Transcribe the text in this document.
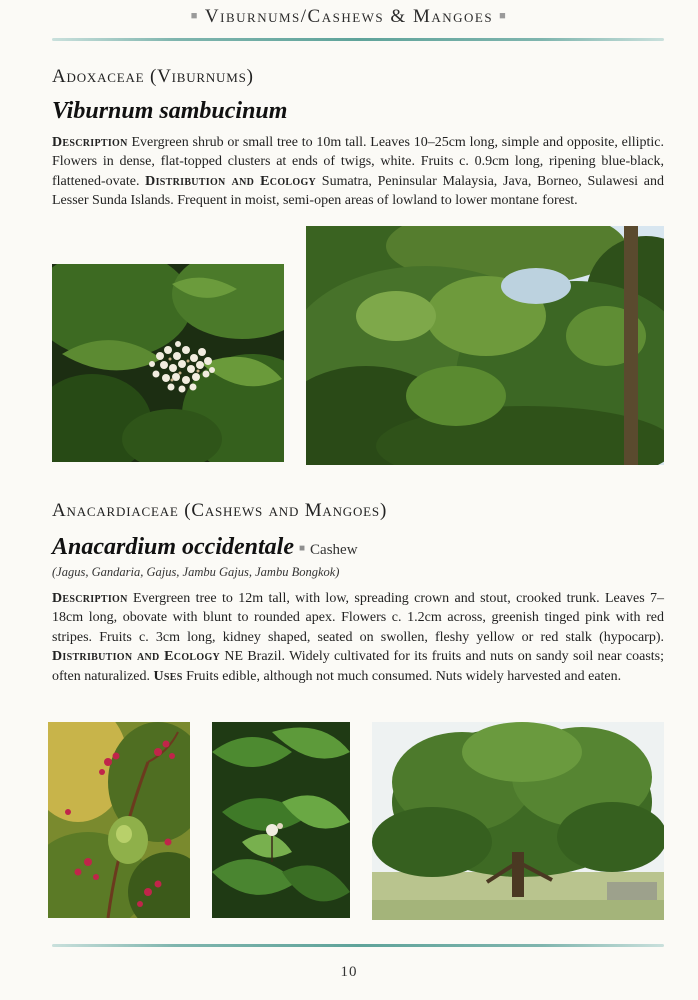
■ Viburnums/Cashews & Mangoes ■
Adoxaceae (Viburnums)
Viburnum sambucinum
Description Evergreen shrub or small tree to 10m tall. Leaves 10–25cm long, simple and opposite, elliptic. Flowers in dense, flat-topped clusters at ends of twigs, white. Fruits c. 0.9cm long, ripening blue-black, flattened-ovate. Distribution and Ecology Sumatra, Peninsular Malaysia, Java, Borneo, Sulawesi and Lesser Sunda Islands. Frequent in moist, semi-open areas of lowland to lower montane forest.
Anacardiaceae (Cashews and Mangoes)
Anacardium occidentale ■ Cashew
(Jagus, Gandaria, Gajus, Jambu Gajus, Jambu Bongkok)
Description Evergreen tree to 12m tall, with low, spreading crown and stout, crooked trunk. Leaves 7–18cm long, obovate with blunt to rounded apex. Flowers c. 1.2cm across, greenish tinged pink with red stripes. Fruits c. 3cm long, kidney shaped, seated on swollen, fleshy yellow or red stalk (hypocarp). Distribution and Ecology NE Brazil. Widely cultivated for its fruits and nuts on sandy soil near coasts; often naturalized. Uses Fruits edible, although not much consumed. Nuts widely harvested and eaten.
10
